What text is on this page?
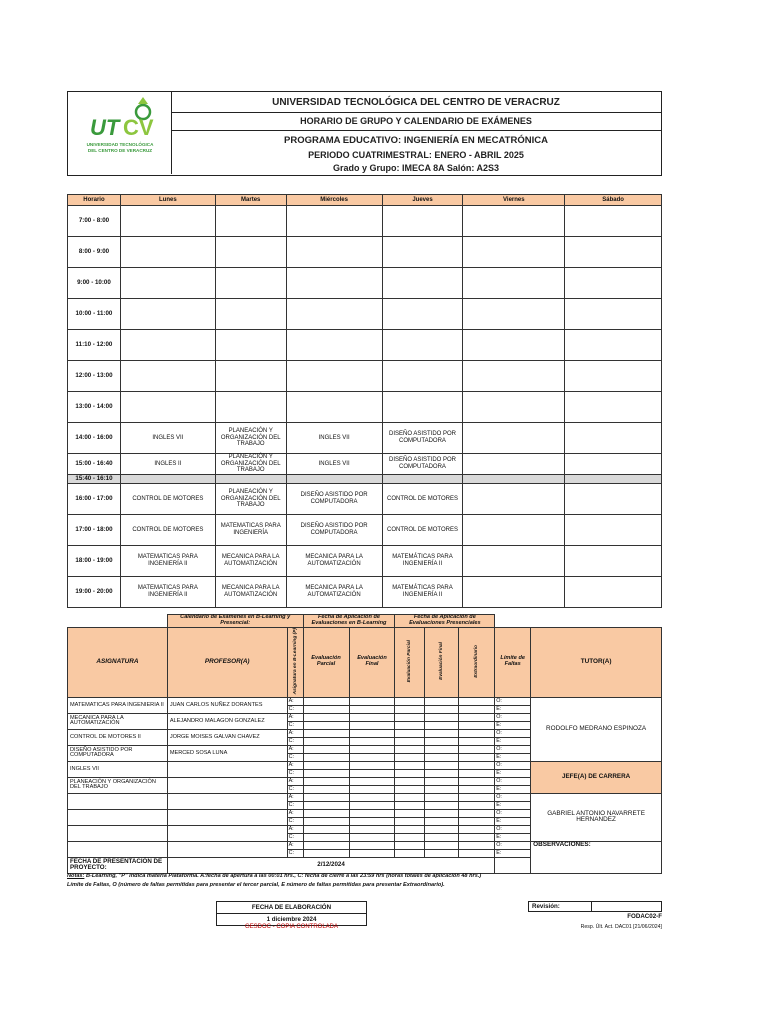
UT CV
UNIVERSIDAD TECNOLÓGICA
DEL CENTRO DE VERACRUZ
UNIVERSIDAD TECNOLÓGICA DEL CENTRO DE VERACRUZ
HORARIO DE GRUPO Y CALENDARIO DE EXÁMENES
PROGRAMA EDUCATIVO: INGENIERÍA EN MECATRÓNICA
PERIODO CUATRIMESTRAL: ENERO - ABRIL 2025
Grado y Grupo: IMECA 8A Salón: A2S3
Horario	Lunes	Martes	Miércoles	Jueves	Viernes	Sábado
7:00 - 8:00						
8:00 - 9:00						
9:00 - 10:00						
10:00 - 11:00						
11:10 - 12:00						
12:00 - 13:00						
13:00 - 14:00						
14:00 - 16:00	INGLES VII	PLANEACIÓN Y ORGANIZACIÓN DEL TRABAJO	INGLES VII	DISEÑO ASISTIDO POR COMPUTADORA		
15:00 - 16:40	INGLES II	PLANEACIÓN Y ORGANIZACIÓN DEL TRABAJO	INGLES VII	DISEÑO ASISTIDO POR COMPUTADORA		
15:40 - 16:10						
16:00 - 17:00	CONTROL DE MOTORES	PLANEACIÓN Y ORGANIZACIÓN DEL TRABAJO	DISEÑO ASISTIDO POR COMPUTADORA	CONTROL DE MOTORES		
17:00 - 18:00	CONTROL DE MOTORES	MATEMATICAS PARA INGENIERÍA	DISEÑO ASISTIDO POR COMPUTADORA	CONTROL DE MOTORES		
18:00 - 19:00	MATEMATICAS PARA INGENIERÍA II	MECANICA PARA LA AUTOMATIZACIÓN	MECANICA PARA LA AUTOMATIZACIÓN	MATEMÁTICAS PARA INGENIERÍA II		
19:00 - 20:00	MATEMATICAS PARA INGENIERÍA II	MECANICA PARA LA AUTOMATIZACIÓN	MECANICA PARA LA AUTOMATIZACIÓN	MATEMÁTICAS PARA INGENIERÍA II		
	Calendario de Exámenes en B-Learning y Presencial:		Fecha de Aplicación de Evaluaciones en B-Learning		Fecha de Aplicación de Evaluaciones Presenciales				
ASIGNATURA	PROFESOR(A)	Asignatura en B-Learning (P)	Evaluación Parcial	Evaluación Final	Evaluación Parcial	Evaluación Final	Extraordinario	Límite de Faltas	TUTOR(A)
MATEMATICAS PARA INGENIERIA II	JUAN CARLOS NUÑEZ DORANTES	A:						O:	RODOLFO MEDRANO ESPINOZA
		C:						E:	
MECANICA PARA LA AUTOMATIZACIÓN	ALEJANDRO MALAGON GONZALEZ	A:						O:	
		C:						E:	
CONTROL DE MOTORES II	JORGE MOISES GALVAN CHAVEZ	A:						O:	
		C:						E:	
DISEÑO ASISTIDO POR COMPUTADORA	MERCED SOSA LUNA	A:						O:	
		C:						E:	
INGLES VII		A:						O:	JEFE(A) DE CARRERA
		C:						E:	
PLANEACIÓN Y ORGANIZACIÓN DEL TRABAJO		A:						O:	
		C:						E:	
		A:						O:	GABRIEL ANTONIO NAVARRETE HERNANDEZ
		C:						E:	
		A:						O:	
		C:						E:	
		A:						O:	
		C:						E:	
		A:						O:	OBSERVACIONES:
		C:						E:	
FECHA DE PRESENTACIÓN DE PROYECTO:	2/12/2024								
Notas: B-Learning, "P" indica materia Plataforma. A:fecha de apertura a las 00:01 hrs., C: fecha de cierre a las 23:59 hrs (horas totales de aplicación 48 hrs.)
Límite de Faltas, O (número de faltas permitidas para presentar el tercer parcial, E número de faltas permitidas para presentar Extraordinario).
FECHA DE ELABORACIÓN
1 diciembre 2024
GESDOC - COPIA CONTROLADA
Revisión:	
FODAC02-F
Resp. Últ. Act. DAC01 [21/06/2024]
